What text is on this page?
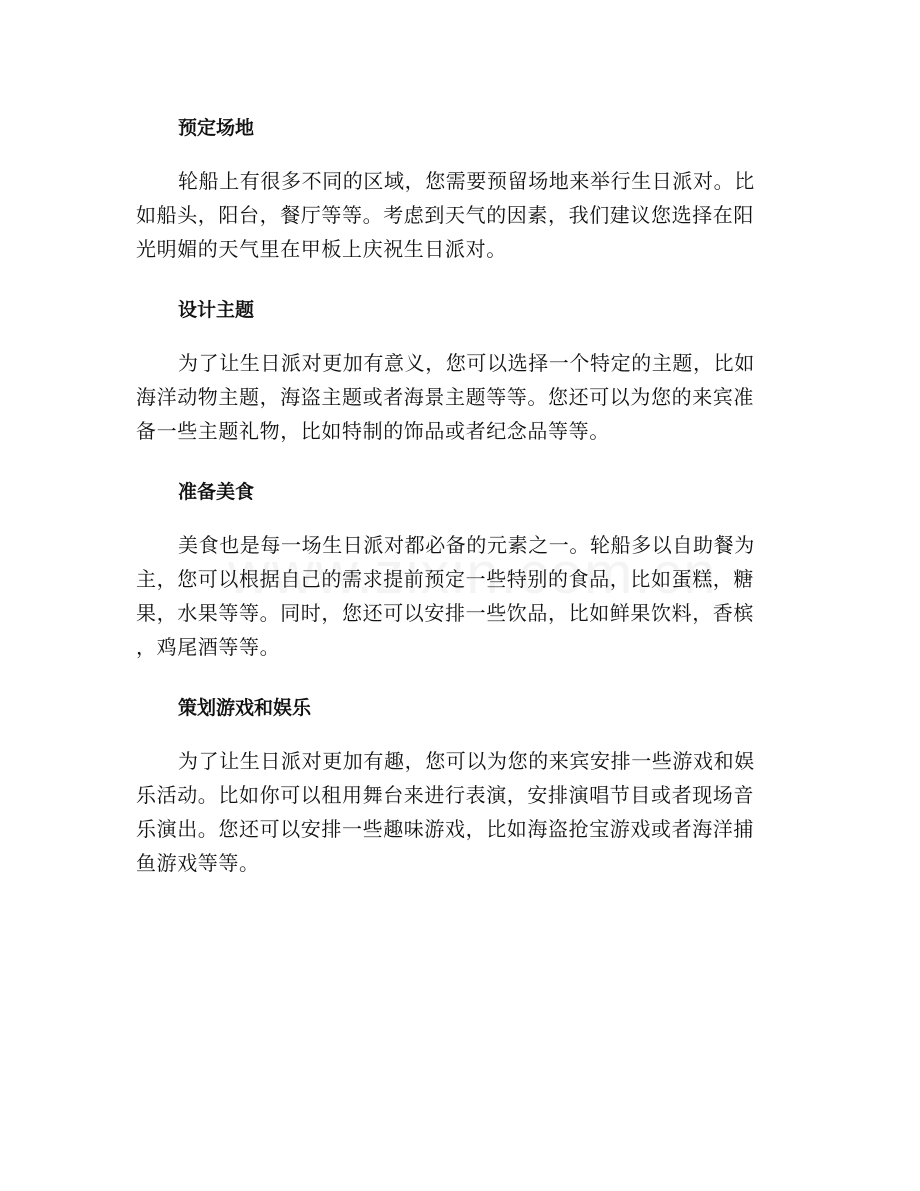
预定场地
轮船上有很多不同的区域，您需要预留场地来举行生日派对。比
如船头，阳台，餐厅等等。考虑到天气的因素，我们建议您选择在阳
光明媚的天气里在甲板上庆祝生日派对。
设计主题
为了让生日派对更加有意义，您可以选择一个特定的主题，比如
海洋动物主题，海盗主题或者海景主题等等。您还可以为您的来宾准
备一些主题礼物，比如特制的饰品或者纪念品等等。
准备美食
美食也是每一场生日派对都必备的元素之一。轮船多以自助餐为
主，您可以根据自己的需求提前预定一些特别的食品，比如蛋糕，糖
果，水果等等。同时，您还可以安排一些饮品，比如鲜果饮料，香槟
，鸡尾酒等等。
策划游戏和娱乐
为了让生日派对更加有趣，您可以为您的来宾安排一些游戏和娱
乐活动。比如你可以租用舞台来进行表演，安排演唱节目或者现场音
乐演出。您还可以安排一些趣味游戏，比如海盗抢宝游戏或者海洋捕
鱼游戏等等。
